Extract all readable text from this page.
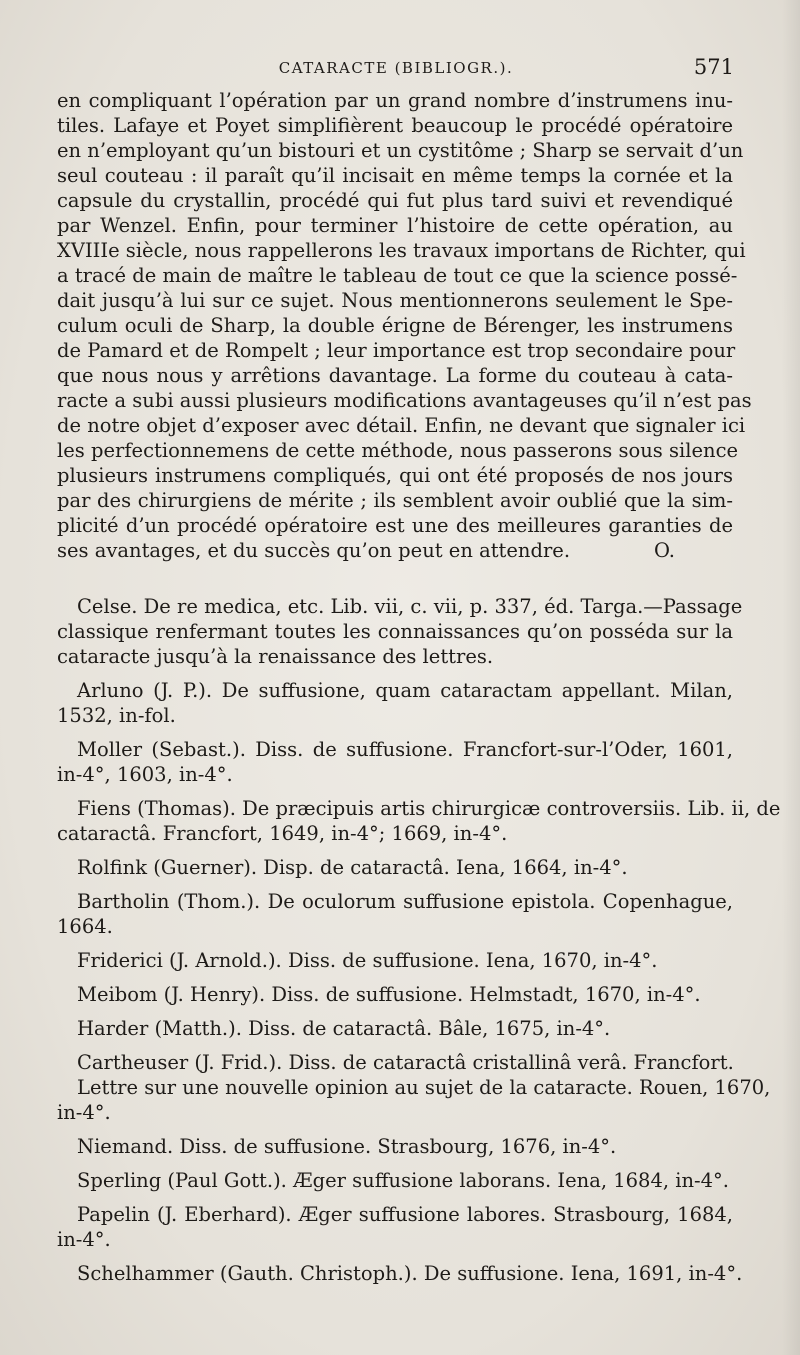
CATARACTE (BIBLIOGR.).	571
en compliquant l’opération par un grand nombre d’instrumens inu-
tiles. Lafaye et Poyet simplifièrent beaucoup le procédé opératoire
en n’employant qu’un bistouri et un cystitôme ; Sharp se servait d’un
seul couteau : il paraît qu’il incisait en même temps la cornée et la
capsule du crystallin, procédé qui fut plus tard suivi et revendiqué
par Wenzel. Enfin, pour terminer l’histoire de cette opération, au
XVIIIe siècle, nous rappellerons les travaux importans de Richter, qui
a tracé de main de maître le tableau de tout ce que la science possé-
dait jusqu’à lui sur ce sujet. Nous mentionnerons seulement le Spe-
culum oculi de Sharp, la double érigne de Bérenger, les instrumens
de Pamard et de Rompelt ; leur importance est trop secondaire pour
que nous nous y arrêtions davantage. La forme du couteau à cata-
racte a subi aussi plusieurs modifications avantageuses qu’il n’est pas
de notre objet d’exposer avec détail. Enfin, ne devant que signaler ici
les perfectionnemens de cette méthode, nous passerons sous silence
plusieurs instrumens compliqués, qui ont été proposés de nos jours
par des chirurgiens de mérite ; ils semblent avoir oublié que la sim-
plicité d’un procédé opératoire est une des meilleures garanties de
ses avantages, et du succès qu’on peut en attendre.	O.
Celse. De re medica, etc. Lib. vii, c. vii, p. 337, éd. Targa.—Passage
classique renfermant toutes les connaissances qu’on posséda sur la
cataracte jusqu’à la renaissance des lettres.
Arluno (J. P.). De suffusione, quam cataractam appellant. Milan,
1532, in-fol.
Moller (Sebast.). Diss. de suffusione. Francfort-sur-l’Oder, 1601,
in-4°, 1603, in-4°.
Fiens (Thomas). De præcipuis artis chirurgicæ controversiis. Lib. ii, de
cataractâ. Francfort, 1649, in-4°; 1669, in-4°.
Rolfink (Guerner). Disp. de cataractâ. Iena, 1664, in-4°.
Bartholin (Thom.). De oculorum suffusione epistola. Copenhague,
1664.
Friderici (J. Arnold.). Diss. de suffusione. Iena, 1670, in-4°.
Meibom (J. Henry). Diss. de suffusione. Helmstadt, 1670, in-4°.
Harder (Matth.). Diss. de cataractâ. Bâle, 1675, in-4°.
Cartheuser (J. Frid.). Diss. de cataractâ cristallinâ verâ. Francfort.
Lettre sur une nouvelle opinion au sujet de la cataracte. Rouen, 1670,
in-4°.
Niemand. Diss. de suffusione. Strasbourg, 1676, in-4°.
Sperling (Paul Gott.). Æger suffusione laborans. Iena, 1684, in-4°.
Papelin (J. Eberhard). Æger suffusione labores. Strasbourg, 1684,
in-4°.
Schelhammer (Gauth. Christoph.). De suffusione. Iena, 1691, in-4°.
